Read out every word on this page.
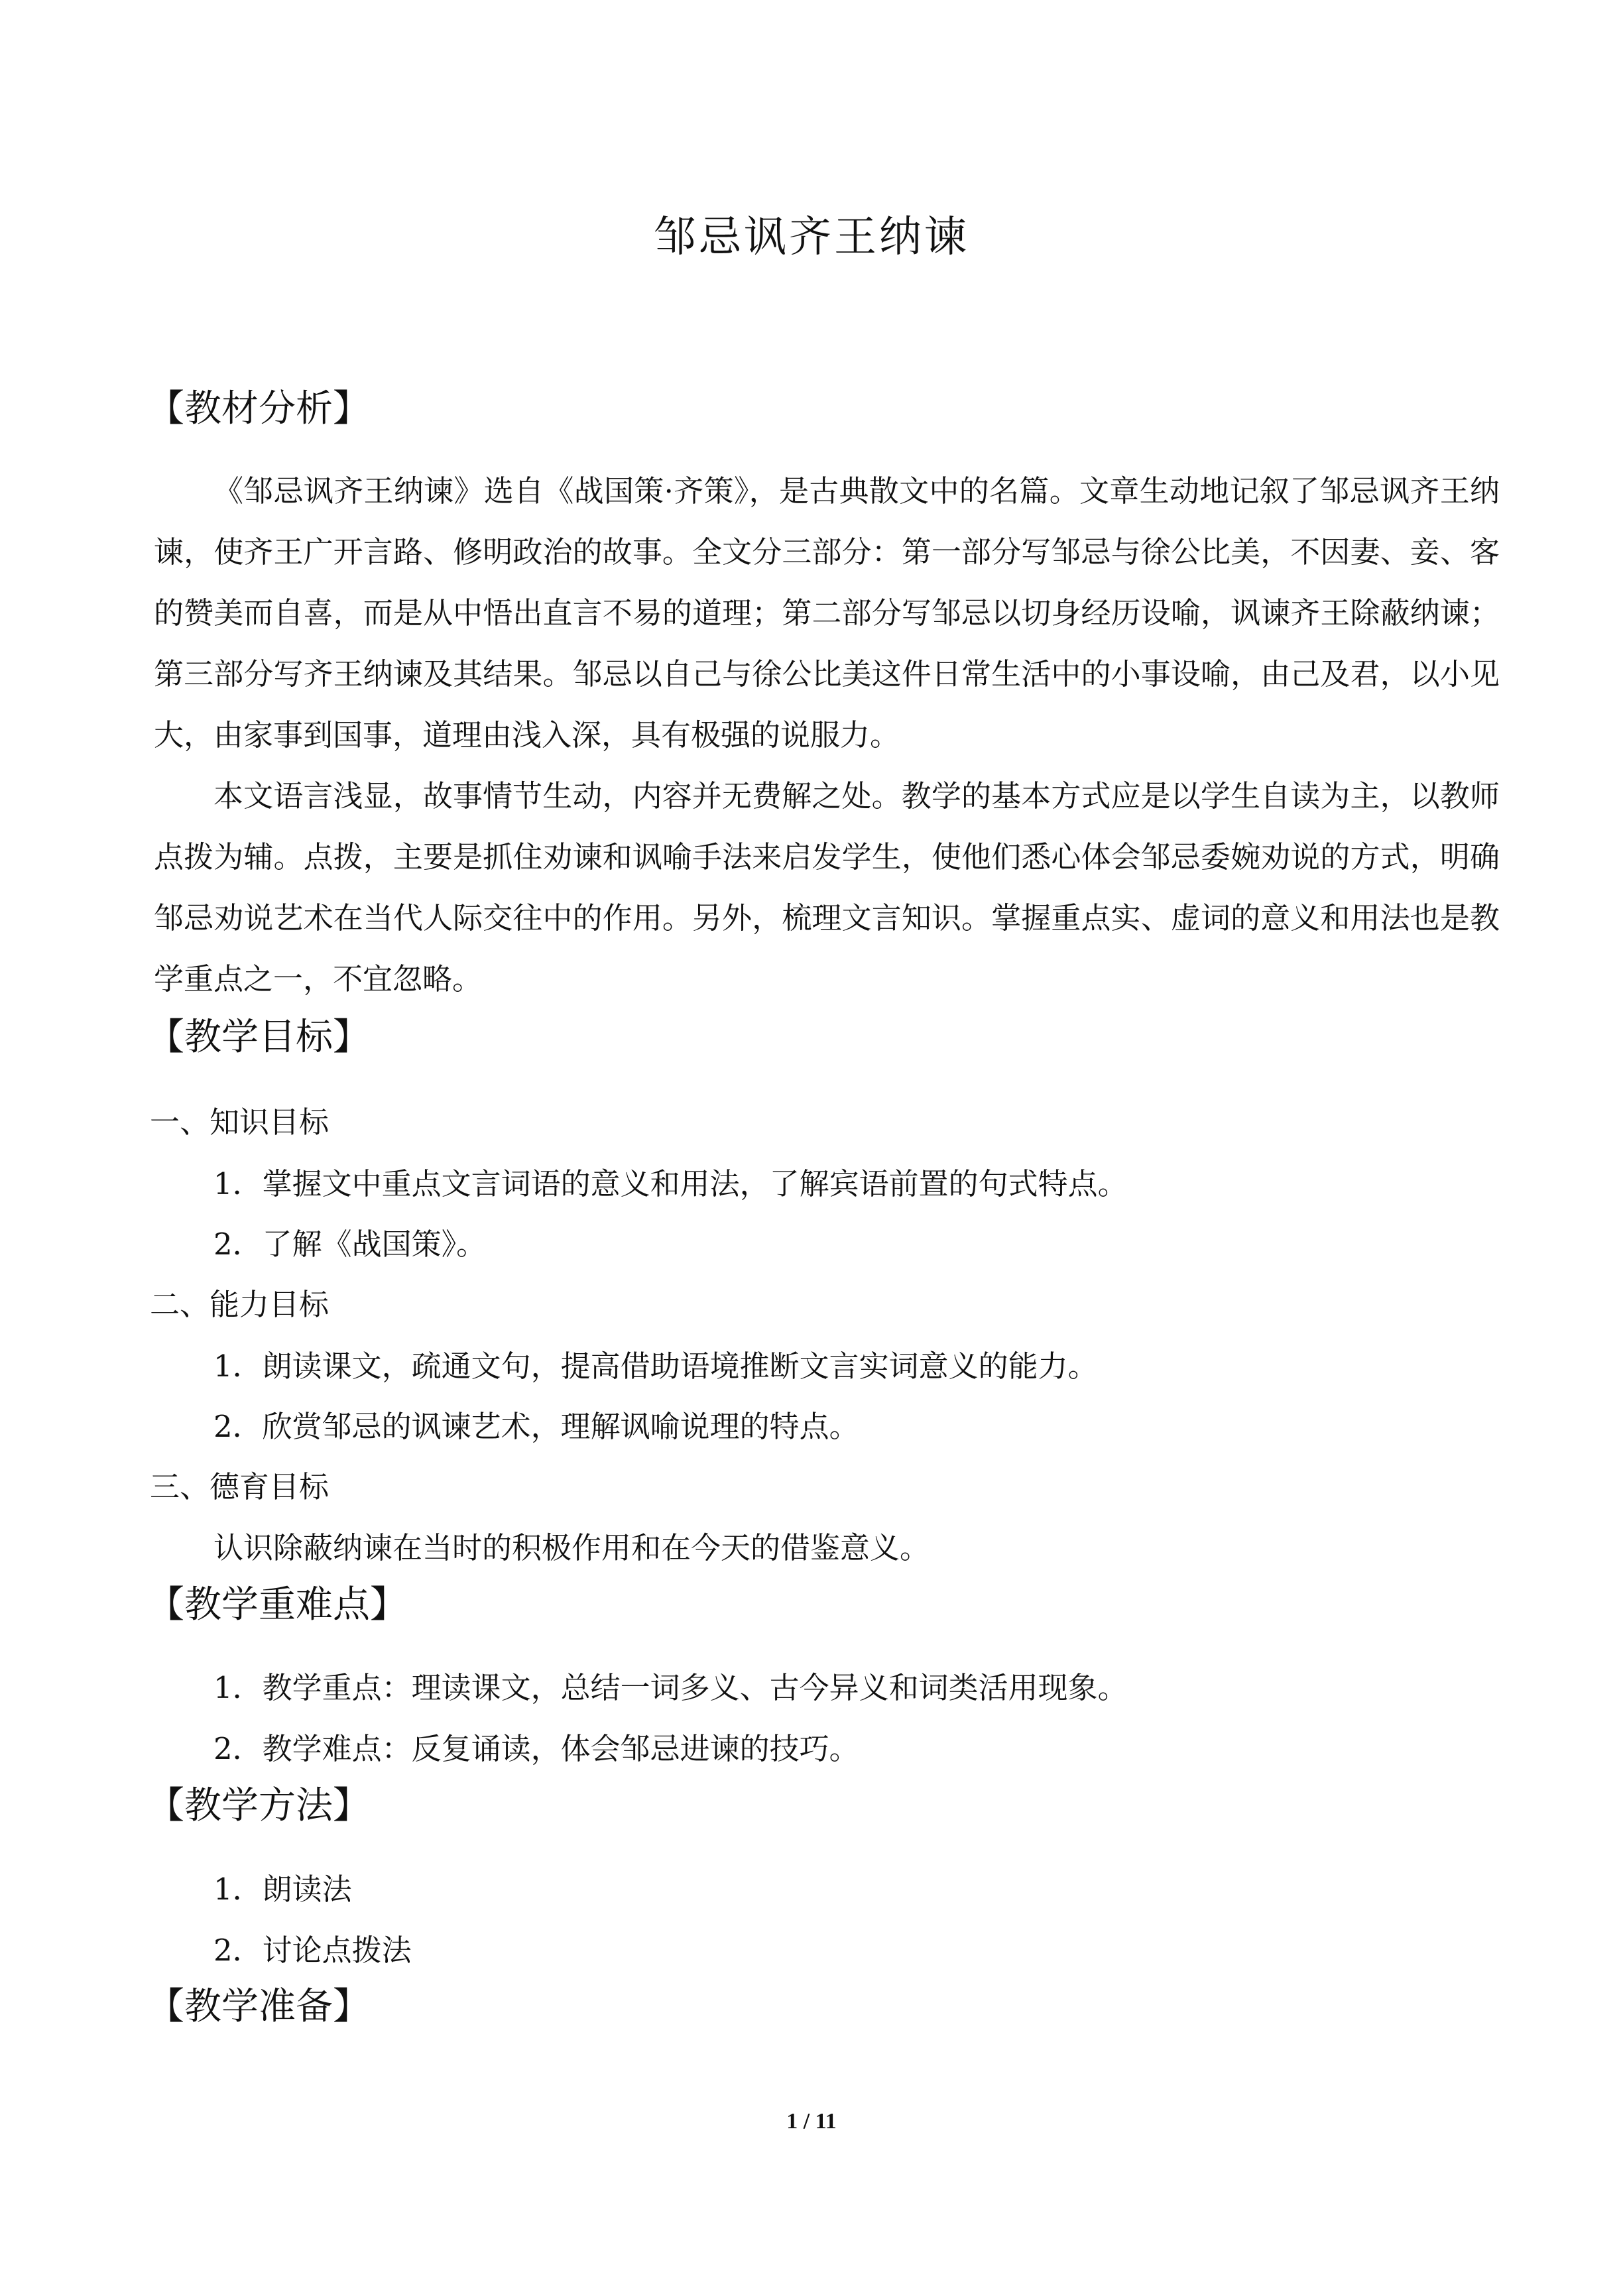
邹忌讽齐王纳谏
【教材分析】

《邹忌讽齐王纳谏》选自《战国策·齐策》，是古典散文中的名篇。文章生动地记叙了邹忌讽齐王纳谏，使齐王广开言路、修明政治的故事。全文分三部分：第一部分写邹忌与徐公比美，不因妻、妾、客的赞美而自喜，而是从中悟出直言不易的道理；第二部分写邹忌以切身经历设喻，讽谏齐王除蔽纳谏；第三部分写齐王纳谏及其结果。邹忌以自己与徐公比美这件日常生活中的小事设喻，由己及君，以小见大，由家事到国事，道理由浅入深，具有极强的说服力。

本文语言浅显，故事情节生动，内容并无费解之处。教学的基本方式应是以学生自读为主，以教师点拨为辅。点拨，主要是抓住劝谏和讽喻手法来启发学生，使他们悉心体会邹忌委婉劝说的方式，明确邹忌劝说艺术在当代人际交往中的作用。另外，梳理文言知识。掌握重点实、虚词的意义和用法也是教学重点之一，不宜忽略。

【教学目标】
一、知识目标
1．掌握文中重点文言词语的意义和用法，了解宾语前置的句式特点。
2．了解《战国策》。
二、能力目标
1．朗读课文，疏通文句，提高借助语境推断文言实词意义的能力。
2．欣赏邹忌的讽谏艺术，理解讽喻说理的特点。
三、德育目标
认识除蔽纳谏在当时的积极作用和在今天的借鉴意义。
【教学重难点】
1．教学重点：理读课文，总结一词多义、古今异义和词类活用现象。
2．教学难点：反复诵读，体会邹忌进谏的技巧。
【教学方法】
1．朗读法
2．讨论点拨法
【教学准备】
1 / 11
